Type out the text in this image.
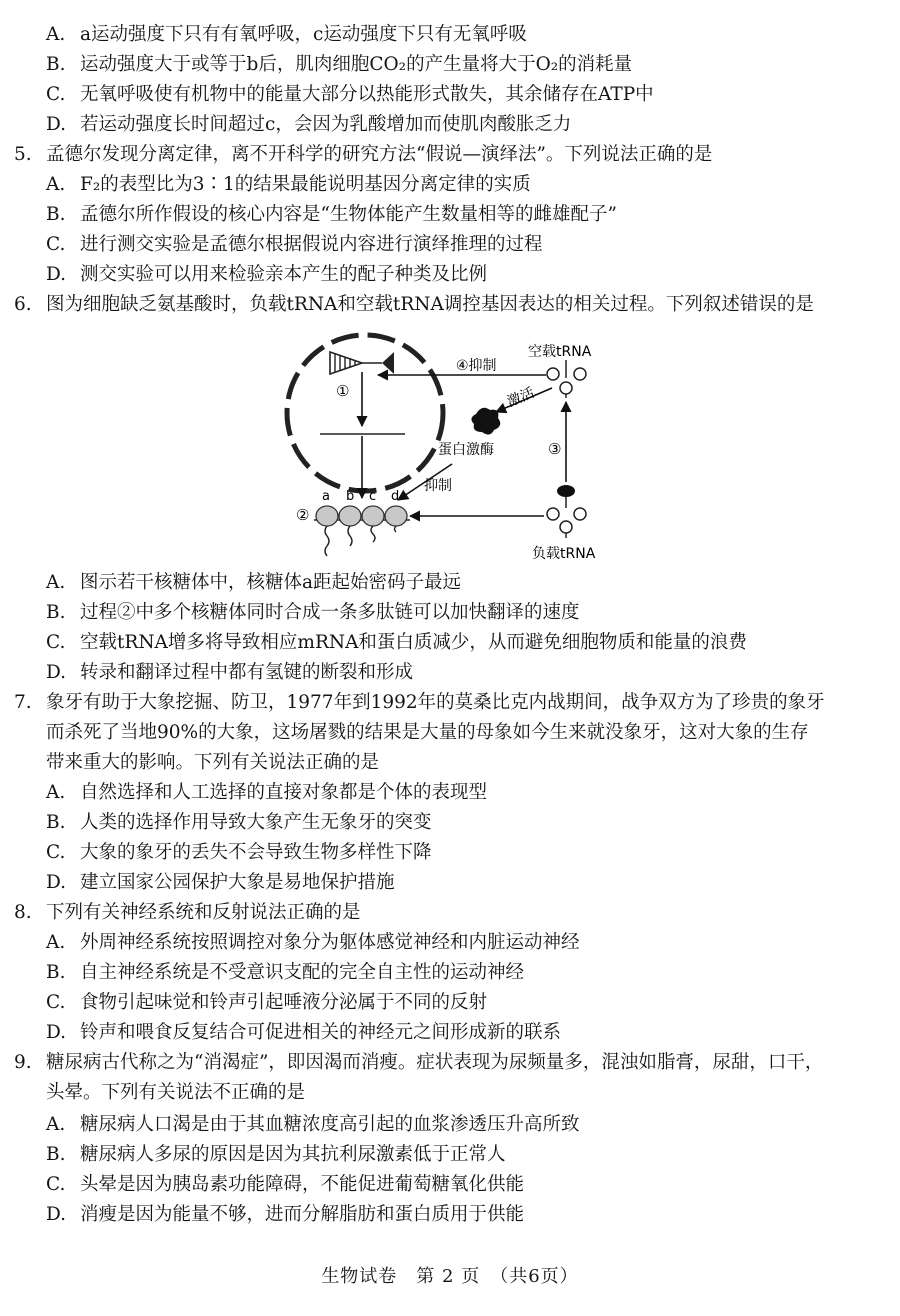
A. a运动强度下只有有氧呼吸，c运动强度下只有无氧呼吸
B. 运动强度大于或等于b后，肌肉细胞CO₂的产生量将大于O₂的消耗量
C. 无氧呼吸使有机物中的能量大部分以热能形式散失，其余储存在ATP中
D. 若运动强度长时间超过c，会因为乳酸增加而使肌肉酸胀乏力
5. 孟德尔发现分离定律，离不开科学的研究方法“假说—演绎法”。下列说法正确的是
A. F₂的表型比为3∶1的结果最能说明基因分离定律的实质
B. 孟德尔所作假设的核心内容是“生物体能产生数量相等的雌雄配子”
C. 进行测交实验是孟德尔根据假说内容进行演绎推理的过程
D. 测交实验可以用来检验亲本产生的配子种类及比例
6. 图为细胞缺乏氨基酸时，负载tRNA和空载tRNA调控基因表达的相关过程。下列叙述错误的是
①
空载tRNA
④抑制
激活
蛋白激酶
抑制
③
负载tRNA
②
a b c d
A. 图示若干核糖体中，核糖体a距起始密码子最远
B. 过程②中多个核糖体同时合成一条多肽链可以加快翻译的速度
C. 空载tRNA增多将导致相应mRNA和蛋白质减少，从而避免细胞物质和能量的浪费
D. 转录和翻译过程中都有氢键的断裂和形成
7. 象牙有助于大象挖掘、防卫，1977年到1992年的莫桑比克内战期间，战争双方为了珍贵的象牙
而杀死了当地90%的大象，这场屠戮的结果是大量的母象如今生来就没象牙，这对大象的生存
带来重大的影响。下列有关说法正确的是
A. 自然选择和人工选择的直接对象都是个体的表现型
B. 人类的选择作用导致大象产生无象牙的突变
C. 大象的象牙的丢失不会导致生物多样性下降
D. 建立国家公园保护大象是易地保护措施
8. 下列有关神经系统和反射说法正确的是
A. 外周神经系统按照调控对象分为躯体感觉神经和内脏运动神经
B. 自主神经系统是不受意识支配的完全自主性的运动神经
C. 食物引起味觉和铃声引起唾液分泌属于不同的反射
D. 铃声和喂食反复结合可促进相关的神经元之间形成新的联系
9. 糖尿病古代称之为“消渴症”，即因渴而消瘦。症状表现为尿频量多，混浊如脂膏，尿甜，口干，
头晕。下列有关说法不正确的是
A. 糖尿病人口渴是由于其血糖浓度高引起的血浆渗透压升高所致
B. 糖尿病人多尿的原因是因为其抗利尿激素低于正常人
C. 头晕是因为胰岛素功能障碍，不能促进葡萄糖氧化供能
D. 消瘦是因为能量不够，进而分解脂肪和蛋白质用于供能
生物试卷　第 2 页　（共6页）
